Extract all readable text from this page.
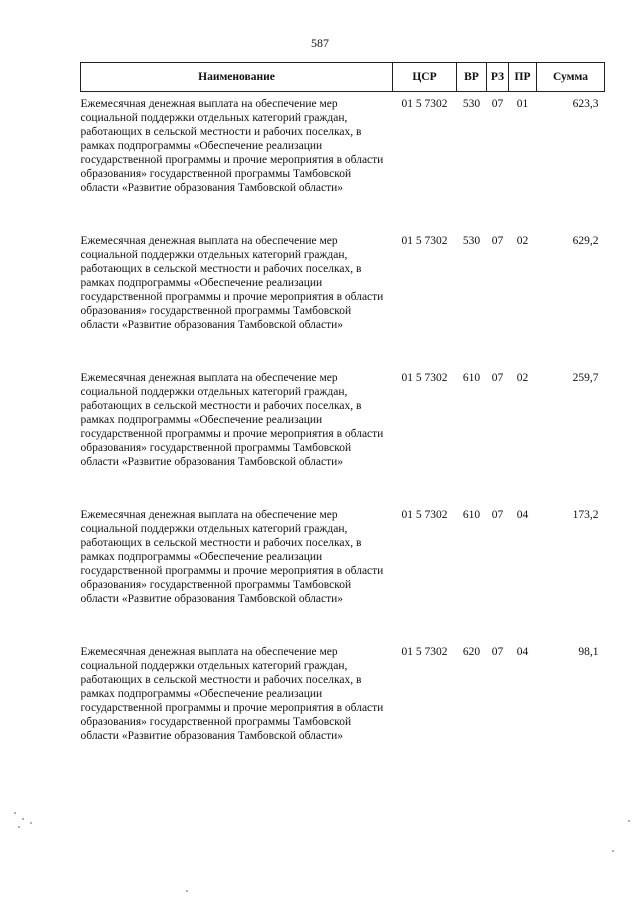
587
Наименование	ЦСР	ВР	РЗ	ПР	Сумма
Ежемесячная денежная выплата на обеспечение мер социальной поддержки отдельных категорий граждан, работающих в сельской местности и рабочих поселках, в рамках подпрограммы «Обеспечение реализации государственной программы и прочие мероприятия в области образования» государственной программы Тамбовской области «Развитие образования Тамбовской области»	01 5 7302	530	07	01	623,3
Ежемесячная денежная выплата на обеспечение мер социальной поддержки отдельных категорий граждан, работающих в сельской местности и рабочих поселках, в рамках подпрограммы «Обеспечение реализации государственной программы и прочие мероприятия в области образования» государственной программы Тамбовской области «Развитие образования Тамбовской области»	01 5 7302	530	07	02	629,2
Ежемесячная денежная выплата на обеспечение мер социальной поддержки отдельных категорий граждан, работающих в сельской местности и рабочих поселках, в рамках подпрограммы «Обеспечение реализации государственной программы и прочие мероприятия в области образования» государственной программы Тамбовской области «Развитие образования Тамбовской области»	01 5 7302	610	07	02	259,7
Ежемесячная денежная выплата на обеспечение мер социальной поддержки отдельных категорий граждан, работающих в сельской местности и рабочих поселках, в рамках подпрограммы «Обеспечение реализации государственной программы и прочие мероприятия в области образования» государственной программы Тамбовской области «Развитие образования Тамбовской области»	01 5 7302	610	07	04	173,2
Ежемесячная денежная выплата на обеспечение мер социальной поддержки отдельных категорий граждан, работающих в сельской местности и рабочих поселках, в рамках подпрограммы «Обеспечение реализации государственной программы и прочие мероприятия в области образования» государственной программы Тамбовской области «Развитие образования Тамбовской области»	01 5 7302	620	07	04	98,1
